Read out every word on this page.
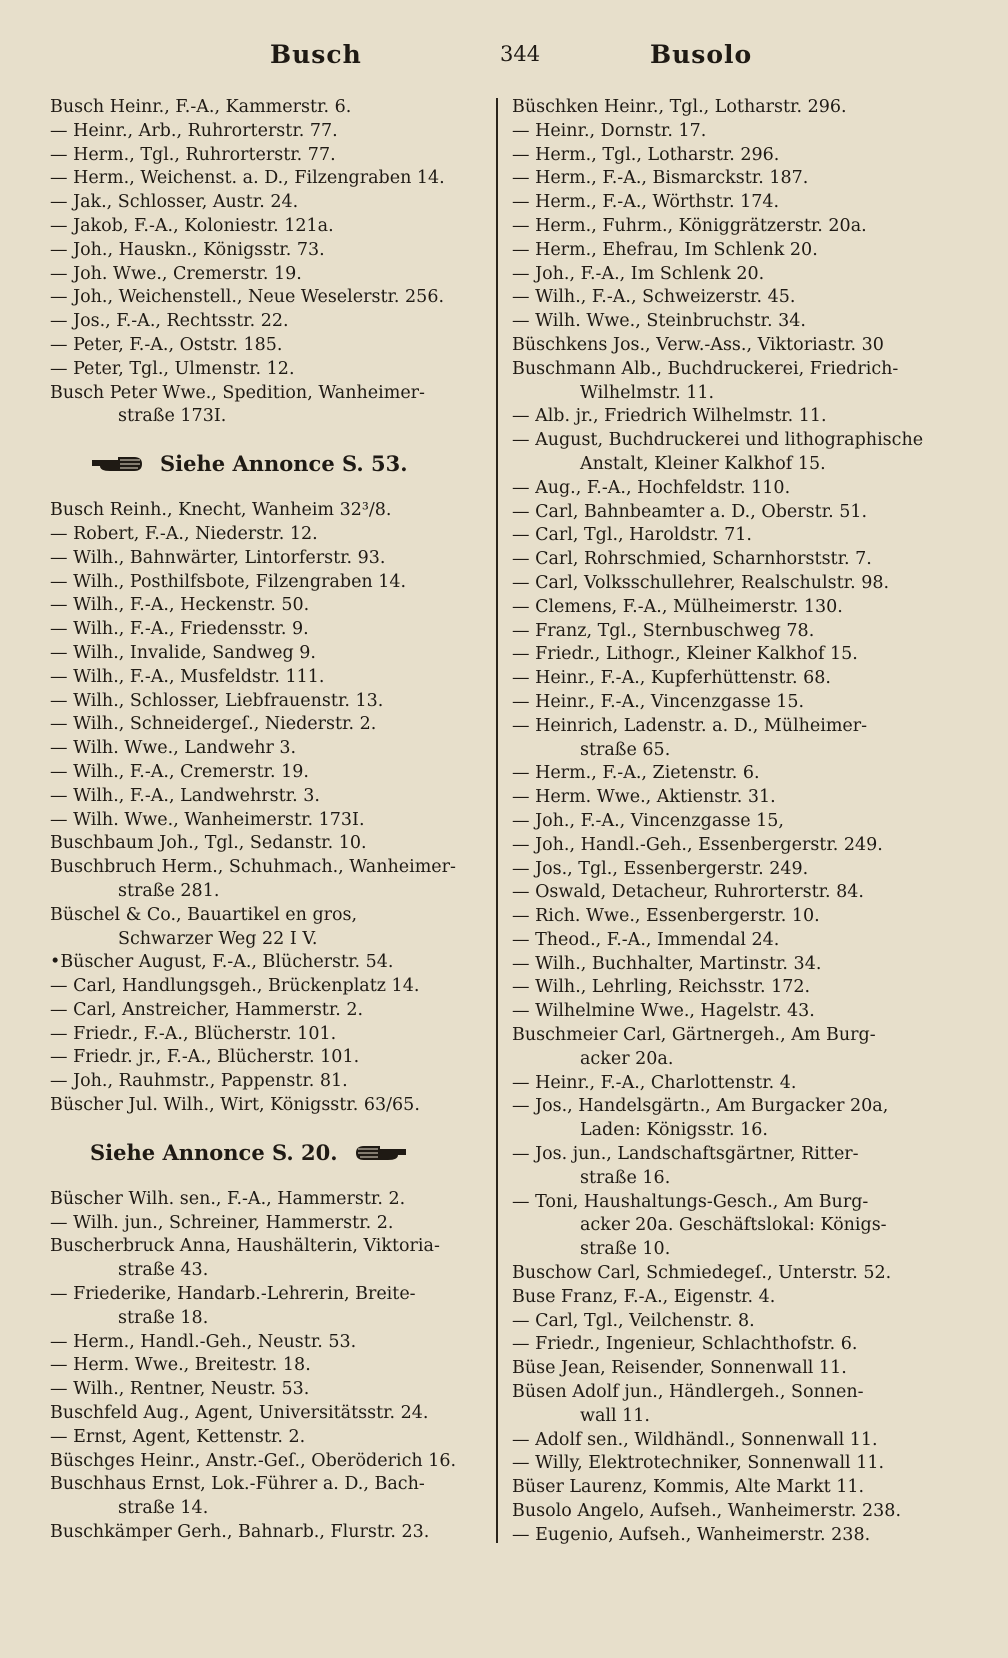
Busch	344	Busolo
Busch Heinr., F.-A., Kammerstr. 6.
— Heinr., Arb., Ruhrorterstr. 77.
— Herm., Tgl., Ruhrorterstr. 77.
— Herm., Weichenst. a. D., Filzengraben 14.
— Jak., Schlosser, Austr. 24.
— Jakob, F.-A., Koloniestr. 121a.
— Joh., Hauskn., Königsstr. 73.
— Joh. Wwe., Cremerstr. 19.
— Joh., Weichenstell., Neue Weselerstr. 256.
— Jos., F.-A., Rechtsstr. 22.
— Peter, F.-A., Oststr. 185.
— Peter, Tgl., Ulmenstr. 12.
Busch Peter Wwe., Spedition, Wanheimer-
straße 173I.
Siehe Annonce S. 53.
Busch Reinh., Knecht, Wanheim 32³/8.
— Robert, F.-A., Niederstr. 12.
— Wilh., Bahnwärter, Lintorferstr. 93.
— Wilh., Posthilfsbote, Filzengraben 14.
— Wilh., F.-A., Heckenstr. 50.
— Wilh., F.-A., Friedensstr. 9.
— Wilh., Invalide, Sandweg 9.
— Wilh., F.-A., Musfeldstr. 111.
— Wilh., Schlosser, Liebfrauenstr. 13.
— Wilh., Schneidergeſ., Niederstr. 2.
— Wilh. Wwe., Landwehr 3.
— Wilh., F.-A., Cremerstr. 19.
— Wilh., F.-A., Landwehrstr. 3.
— Wilh. Wwe., Wanheimerstr. 173I.
Buschbaum Joh., Tgl., Sedanstr. 10.
Buschbruch Herm., Schuhmach., Wanheimer-
straße 281.
Büschel & Co., Bauartikel en gros,
Schwarzer Weg 22 I V.
•Büscher August, F.-A., Blücherstr. 54.
— Carl, Handlungsgeh., Brückenplatz 14.
— Carl, Anstreicher, Hammerstr. 2.
— Friedr., F.-A., Blücherstr. 101.
— Friedr. jr., F.-A., Blücherstr. 101.
— Joh., Rauhmstr., Pappenstr. 81.
Büscher Jul. Wilh., Wirt, Königsstr. 63/65.
Siehe Annonce S. 20.
Büscher Wilh. sen., F.-A., Hammerstr. 2.
— Wilh. jun., Schreiner, Hammerstr. 2.
Buscherbruck Anna, Haushälterin, Viktoria-
straße 43.
— Friederike, Handarb.-Lehrerin, Breite-
straße 18.
— Herm., Handl.-Geh., Neustr. 53.
— Herm. Wwe., Breitestr. 18.
— Wilh., Rentner, Neustr. 53.
Buschfeld Aug., Agent, Universitätsstr. 24.
— Ernst, Agent, Kettenstr. 2.
Büschges Heinr., Anstr.-Geſ., Oberöderich 16.
Buschhaus Ernst, Lok.-Führer a. D., Bach-
straße 14.
Buschkämper Gerh., Bahnarb., Flurstr. 23.
Büschken Heinr., Tgl., Lotharstr. 296.
— Heinr., Dornstr. 17.
— Herm., Tgl., Lotharstr. 296.
— Herm., F.-A., Bismarckstr. 187.
— Herm., F.-A., Wörthstr. 174.
— Herm., Fuhrm., Königgrätzerstr. 20a.
— Herm., Ehefrau, Im Schlenk 20.
— Joh., F.-A., Im Schlenk 20.
— Wilh., F.-A., Schweizerstr. 45.
— Wilh. Wwe., Steinbruchstr. 34.
Büschkens Jos., Verw.-Ass., Viktoriastr. 30
Buschmann Alb., Buchdruckerei, Friedrich-
Wilhelmstr. 11.
— Alb. jr., Friedrich Wilhelmstr. 11.
— August, Buchdruckerei und lithographische
Anstalt, Kleiner Kalkhof 15.
— Aug., F.-A., Hochfeldstr. 110.
— Carl, Bahnbeamter a. D., Oberstr. 51.
— Carl, Tgl., Haroldstr. 71.
— Carl, Rohrschmied, Scharnhorststr. 7.
— Carl, Volksschullehrer, Realschulstr. 98.
— Clemens, F.-A., Mülheimerstr. 130.
— Franz, Tgl., Sternbuschweg 78.
— Friedr., Lithogr., Kleiner Kalkhof 15.
— Heinr., F.-A., Kupferhüttenstr. 68.
— Heinr., F.-A., Vincenzgasse 15.
— Heinrich, Ladenstr. a. D., Mülheimer-
straße 65.
— Herm., F.-A., Zietenstr. 6.
— Herm. Wwe., Aktienstr. 31.
— Joh., F.-A., Vincenzgasse 15,
— Joh., Handl.-Geh., Essenbergerstr. 249.
— Jos., Tgl., Essenbergerstr. 249.
— Oswald, Detacheur, Ruhrorterstr. 84.
— Rich. Wwe., Essenbergerstr. 10.
— Theod., F.-A., Immendal 24.
— Wilh., Buchhalter, Martinstr. 34.
— Wilh., Lehrling, Reichsstr. 172.
— Wilhelmine Wwe., Hagelstr. 43.
Buschmeier Carl, Gärtnergeh., Am Burg-
acker 20a.
— Heinr., F.-A., Charlottenstr. 4.
— Jos., Handelsgärtn., Am Burgacker 20a,
Laden: Königsstr. 16.
— Jos. jun., Landschaftsgärtner, Ritter-
straße 16.
— Toni, Haushaltungs-Gesch., Am Burg-
acker 20a. Geschäftslokal: Königs-
straße 10.
Buschow Carl, Schmiedegeſ., Unterstr. 52.
Buse Franz, F.-A., Eigenstr. 4.
— Carl, Tgl., Veilchenstr. 8.
— Friedr., Ingenieur, Schlachthofstr. 6.
Büse Jean, Reisender, Sonnenwall 11.
Büsen Adolf jun., Händlergeh., Sonnen-
wall 11.
— Adolf sen., Wildhändl., Sonnenwall 11.
— Willy, Elektrotechniker, Sonnenwall 11.
Büser Laurenz, Kommis, Alte Markt 11.
Busolo Angelo, Aufseh., Wanheimerstr. 238.
— Eugenio, Aufseh., Wanheimerstr. 238.
